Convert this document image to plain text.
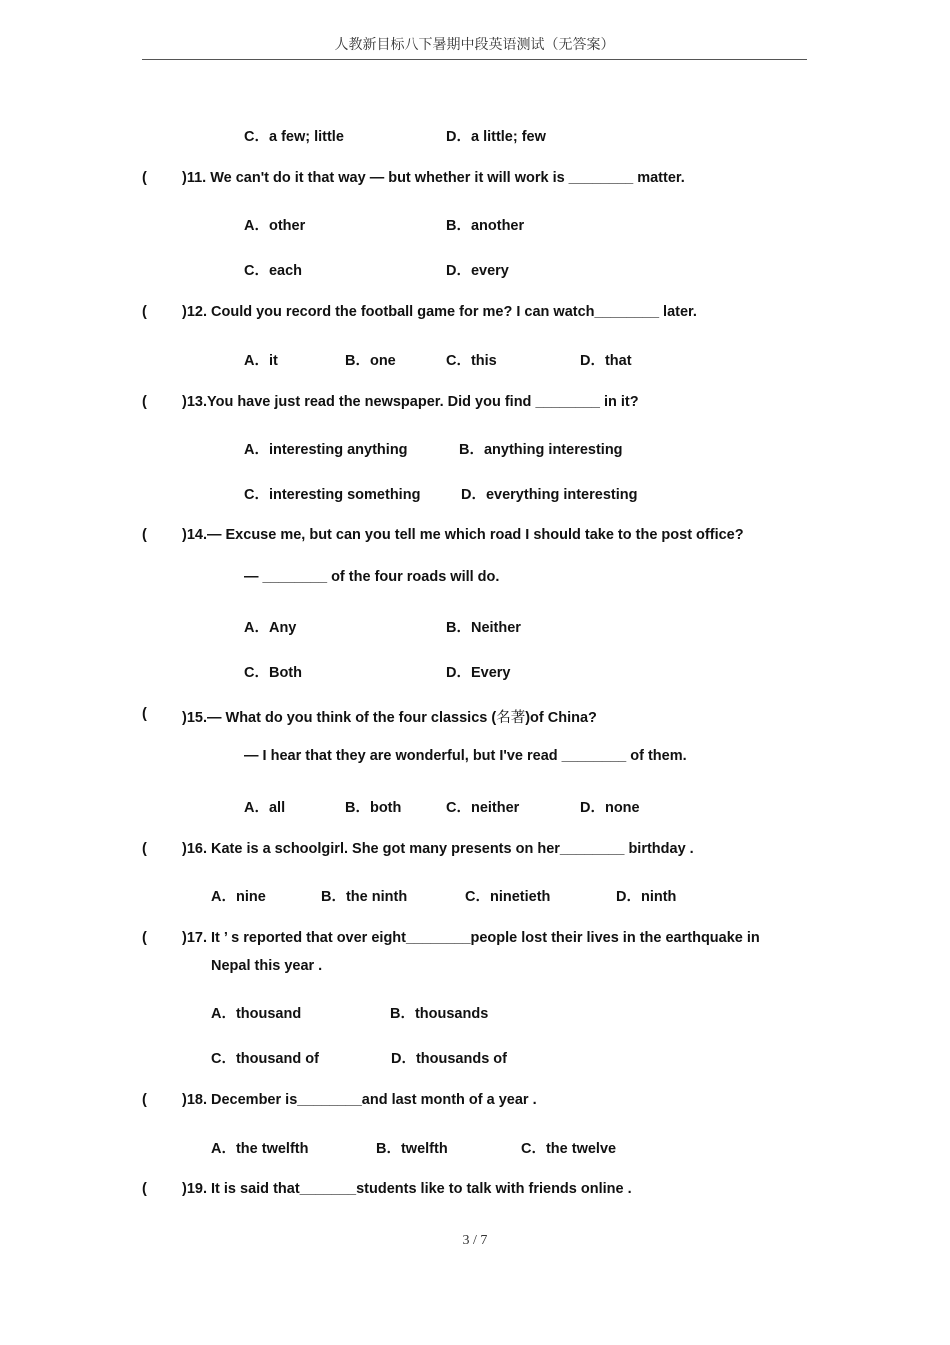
人教新目标八下暑期中段英语测试（无答案）
C．a few; little	D．a little; few
( )11. We can't do it that way — but whether it will work is ________ matter.
A．other	B．another
C．each	D．every
( )12. Could you record the football game for me? I can watch________ later.
A．it	B．one	C．this	D．that
( )13.You have just read the newspaper. Did you find ________ in it?
A．interesting anything	B．anything interesting
C．interesting something	D．everything interesting
( )14.— Excuse me, but can you tell me which road I should take to the post office?
— ________ of the four roads will do.
A．Any	B．Neither
C．Both	D．Every
( )15.— What do you think of the four classics (名著)of China?
— I hear that they are wonderful, but I've read ________ of them.
A．all	B．both	C．neither	D．none
( )16. Kate is a schoolgirl. She got many presents on her________ birthday .
A．nine	B．the ninth	C．ninetieth	D．ninth
( )17. It ’ s reported that over eight________people lost their lives in the earthquake in
Nepal this year .
A．thousand	B．thousands
C．thousand of	D．thousands of
( )18. December is________and last month of a year .
A．the twelfth	B．twelfth	C．the twelve
( )19. It is said that_______students like to talk with friends online .
3 / 7
